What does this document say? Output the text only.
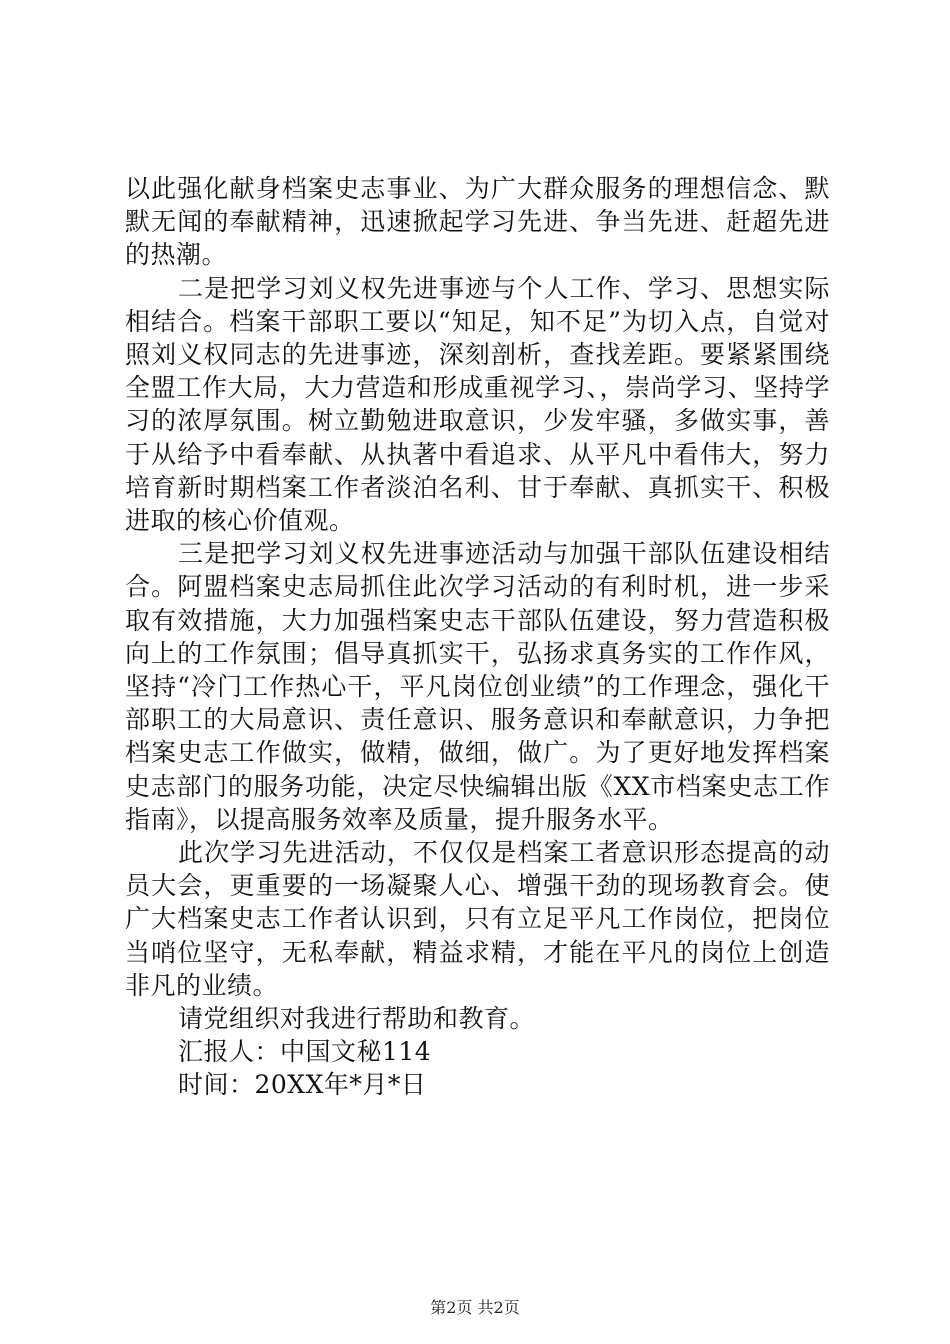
以此强化献身档案史志事业、为广大群众服务的理想信念、默默无闻的奉献精神，迅速掀起学习先进、争当先进、赶超先进的热潮。

二是把学习刘义权先进事迹与个人工作、学习、思想实际相结合。档案干部职工要以“知足，知不足”为切入点，自觉对照刘义权同志的先进事迹，深刻剖析，查找差距。要紧紧围绕全盟工作大局，大力营造和形成重视学习、，崇尚学习、坚持学习的浓厚氛围。树立勤勉进取意识，少发牢骚，多做实事，善于从给予中看奉献、从执著中看追求、从平凡中看伟大，努力培育新时期档案工作者淡泊名利、甘于奉献、真抓实干、积极进取的核心价值观。

三是把学习刘义权先进事迹活动与加强干部队伍建设相结合。阿盟档案史志局抓住此次学习活动的有利时机，进一步采取有效措施，大力加强档案史志干部队伍建设，努力营造积极向上的工作氛围；倡导真抓实干，弘扬求真务实的工作作风，坚持“冷门工作热心干，平凡岗位创业绩”的工作理念，强化干部职工的大局意识、责任意识、服务意识和奉献意识，力争把档案史志工作做实，做精，做细，做广。为了更好地发挥档案史志部门的服务功能，决定尽快编辑出版《XX市档案史志工作指南》，以提高服务效率及质量，提升服务水平。

此次学习先进活动，不仅仅是档案工者意识形态提高的动员大会，更重要的一场凝聚人心、增强干劲的现场教育会。使广大档案史志工作者认识到，只有立足平凡工作岗位，把岗位当哨位坚守，无私奉献，精益求精，才能在平凡的岗位上创造非凡的业绩。

请党组织对我进行帮助和教育。

汇报人：中国文秘114

时间：20XX年*月*日

第2页 共2页
